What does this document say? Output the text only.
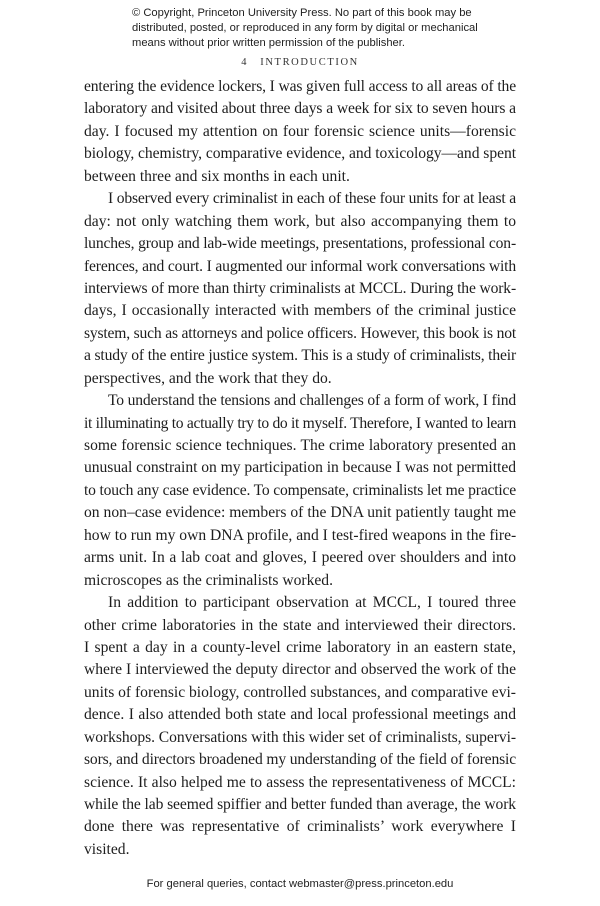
© Copyright, Princeton University Press. No part of this book may be
distributed, posted, or reproduced in any form by digital or mechanical
means without prior written permission of the publisher.
4 INTRODUCTION
entering the evidence lockers, I was given full access to all areas of the
laboratory and visited about three days a week for six to seven hours a
day. I focused my attention on four forensic science units—forensic
biology, chemistry, comparative evidence, and toxicology—and spent
between three and six months in each unit.
I observed every criminalist in each of these four units for at least a
day: not only watching them work, but also accompanying them to
lunches, group and lab-wide meetings, presentations, professional con-
ferences, and court. I augmented our informal work conversations with
interviews of more than thirty criminalists at MCCL. During the work-
days, I occasionally interacted with members of the criminal justice
system, such as attorneys and police officers. However, this book is not
a study of the entire justice system. This is a study of criminalists, their
perspectives, and the work that they do.
To understand the tensions and challenges of a form of work, I find
it illuminating to actually try to do it myself. Therefore, I wanted to learn
some forensic science techniques. The crime laboratory presented an
unusual constraint on my participation in because I was not permitted
to touch any case evidence. To compensate, criminalists let me practice
on non–case evidence: members of the DNA unit patiently taught me
how to run my own DNA profile, and I test-fired weapons in the fire-
arms unit. In a lab coat and gloves, I peered over shoulders and into
microscopes as the criminalists worked.
In addition to participant observation at MCCL, I toured three
other crime laboratories in the state and interviewed their directors.
I spent a day in a county-level crime laboratory in an eastern state,
where I interviewed the deputy director and observed the work of the
units of forensic biology, controlled substances, and comparative evi-
dence. I also attended both state and local professional meetings and
workshops. Conversations with this wider set of criminalists, supervi-
sors, and directors broadened my understanding of the field of forensic
science. It also helped me to assess the representativeness of MCCL:
while the lab seemed spiffier and better funded than average, the work
done there was representative of criminalists’ work everywhere I
visited.
For general queries, contact webmaster@press.princeton.edu
